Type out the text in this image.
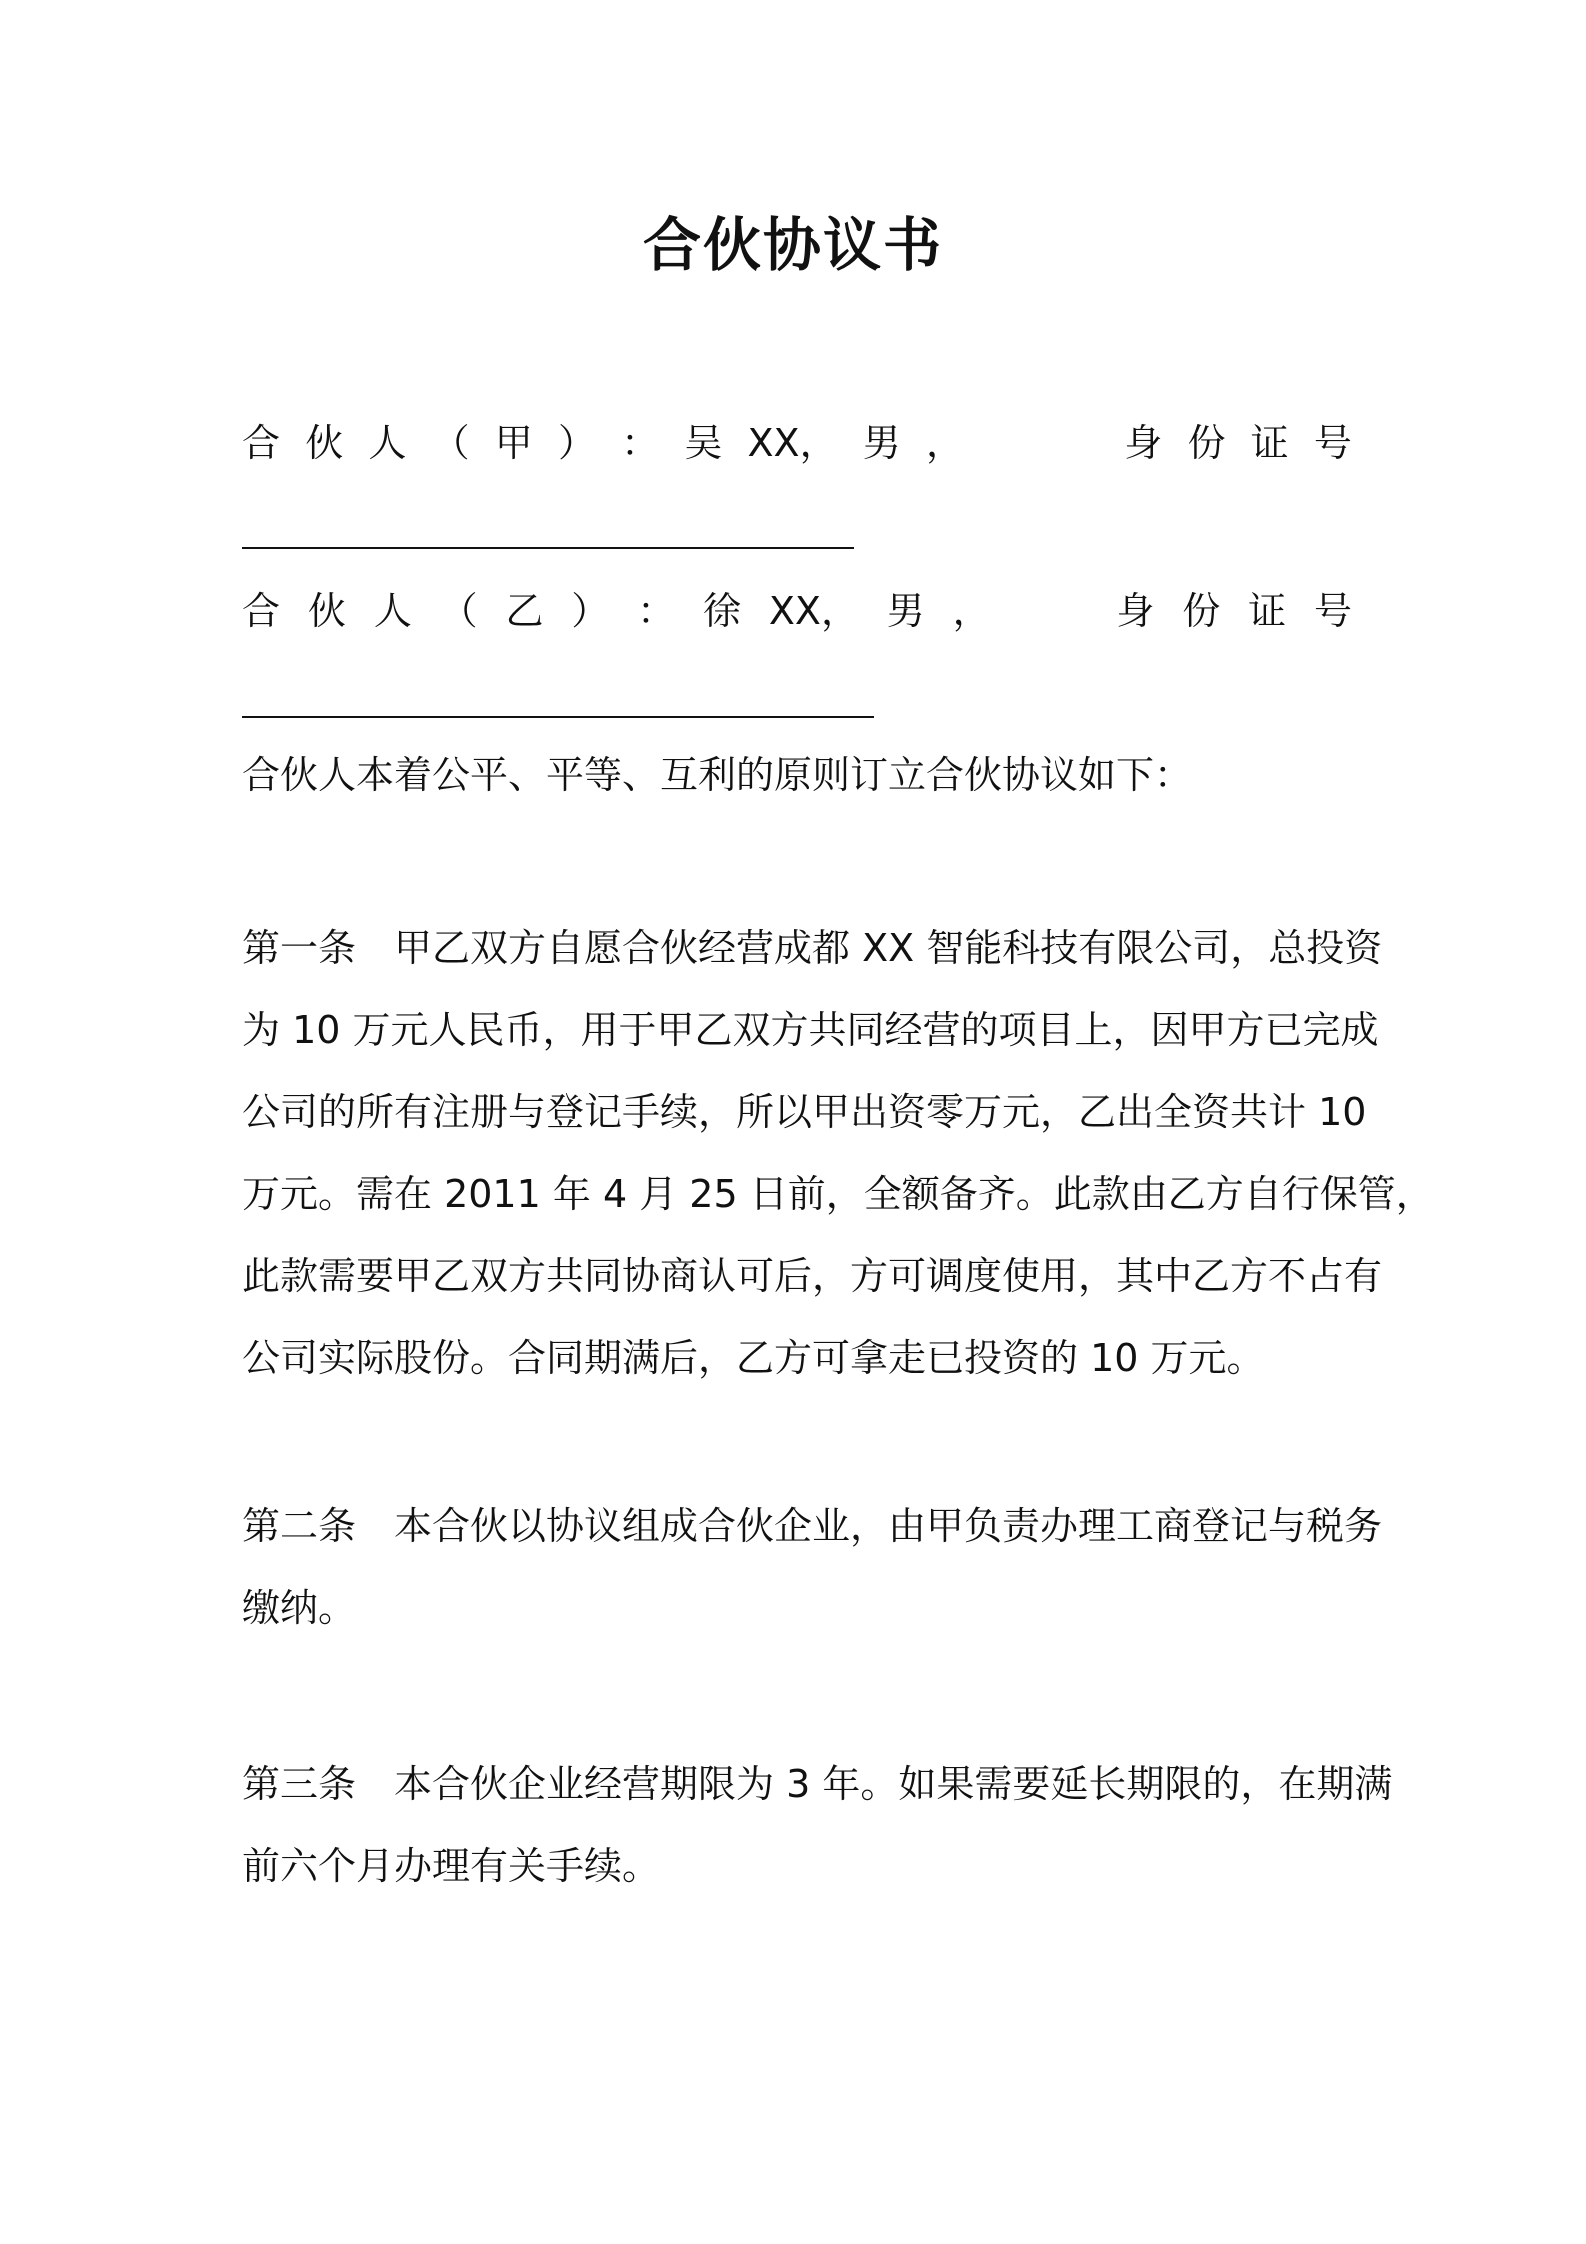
合伙协议书
合 伙 人 （ 甲 ） ： 吴 XX， 男 ，	身 份 证 号
合 伙 人 （ 乙 ） ： 徐 XX， 男 ，	身 份 证 号
合伙人本着公平、平等、互利的原则订立合伙协议如下：
第一条　甲乙双方自愿合伙经营成都 XX 智能科技有限公司，总投资
为 10 万元人民币，用于甲乙双方共同经营的项目上，因甲方已完成
公司的所有注册与登记手续，所以甲出资零万元，乙出全资共计 10
万元。需在 2011 年 4 月 25 日前，全额备齐。此款由乙方自行保管，
此款需要甲乙双方共同协商认可后，方可调度使用，其中乙方不占有
公司实际股份。合同期满后，乙方可拿走已投资的 10 万元。
第二条　本合伙以协议组成合伙企业，由甲负责办理工商登记与税务
缴纳。
第三条　本合伙企业经营期限为 3 年。如果需要延长期限的，在期满
前六个月办理有关手续。
